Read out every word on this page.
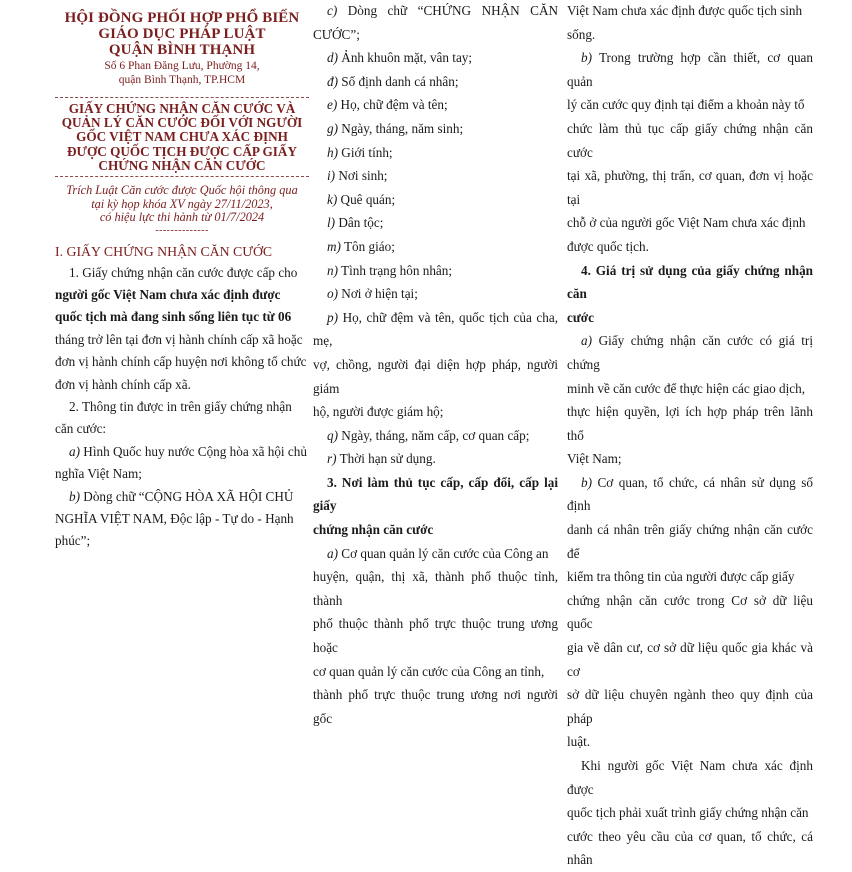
HỘI ĐỒNG PHỐI HỢP PHỔ BIẾN
GIÁO DỤC PHÁP LUẬT
QUẬN BÌNH THẠNH
Số 6 Phan Đăng Lưu, Phường 14,
quận Bình Thạnh, TP.HCM
GIẤY CHỨNG NHẬN CĂN CƯỚC VÀ
QUẢN LÝ CĂN CƯỚC ĐỐI VỚI NGƯỜI
GỐC VIỆT NAM CHƯA XÁC ĐỊNH
ĐƯỢC QUỐC TỊCH ĐƯỢC CẤP GIẤY
CHỨNG NHẬN CĂN CƯỚC
Trích Luật Căn cước được Quốc hội thông qua
tại kỳ họp khóa XV ngày 27/11/2023,
có hiệu lực thi hành từ 01/7/2024
--------------
I. GIẤY CHỨNG NHẬN CĂN CƯỚC

1. Giấy chứng nhận căn cước được cấp cho

người gốc Việt Nam chưa xác định được

quốc tịch mà đang sinh sống liên tục từ 06

tháng trở lên tại đơn vị hành chính cấp xã hoặc

đơn vị hành chính cấp huyện nơi không tổ chức

đơn vị hành chính cấp xã.

2. Thông tin được in trên giấy chứng nhận

căn cước:

a) Hình Quốc huy nước Cộng hòa xã hội chủ

nghĩa Việt Nam;

b) Dòng chữ “CỘNG HÒA XÃ HỘI CHỦ

NGHĨA VIỆT NAM, Độc lập - Tự do - Hạnh

phúc”;

c) Dòng chữ “CHỨNG NHẬN CĂN CƯỚC”;

d) Ảnh khuôn mặt, vân tay;

đ) Số định danh cá nhân;

e) Họ, chữ đệm và tên;

g) Ngày, tháng, năm sinh;

h) Giới tính;

i) Nơi sinh;

k) Quê quán;

l) Dân tộc;

m) Tôn giáo;

n) Tình trạng hôn nhân;

o) Nơi ở hiện tại;

p) Họ, chữ đệm và tên, quốc tịch của cha, mẹ,

vợ, chồng, người đại diện hợp pháp, người giám

hộ, người được giám hộ;

q) Ngày, tháng, năm cấp, cơ quan cấp;

r) Thời hạn sử dụng.

3. Nơi làm thủ tục cấp, cấp đổi, cấp lại giấy

chứng nhận căn cước

a) Cơ quan quản lý căn cước của Công an

huyện, quận, thị xã, thành phố thuộc tỉnh, thành

phố thuộc thành phố trực thuộc trung ương hoặc

cơ quan quản lý căn cước của Công an tỉnh,

thành phố trực thuộc trung ương nơi người gốc

Việt Nam chưa xác định được quốc tịch sinh

sống.

b) Trong trường hợp cần thiết, cơ quan quản

lý căn cước quy định tại điểm a khoản này tổ

chức làm thủ tục cấp giấy chứng nhận căn cước

tại xã, phường, thị trấn, cơ quan, đơn vị hoặc tại

chỗ ở của người gốc Việt Nam chưa xác định

được quốc tịch.

4. Giá trị sử dụng của giấy chứng nhận căn

cước

a) Giấy chứng nhận căn cước có giá trị chứng

minh về căn cước để thực hiện các giao dịch,

thực hiện quyền, lợi ích hợp pháp trên lãnh thổ

Việt Nam;

b) Cơ quan, tổ chức, cá nhân sử dụng số định

danh cá nhân trên giấy chứng nhận căn cước để

kiểm tra thông tin của người được cấp giấy

chứng nhận căn cước trong Cơ sở dữ liệu quốc

gia về dân cư, cơ sở dữ liệu quốc gia khác và cơ

sở dữ liệu chuyên ngành theo quy định của pháp

luật.

Khi người gốc Việt Nam chưa xác định được

quốc tịch phải xuất trình giấy chứng nhận căn

cước theo yêu cầu của cơ quan, tổ chức, cá nhân
